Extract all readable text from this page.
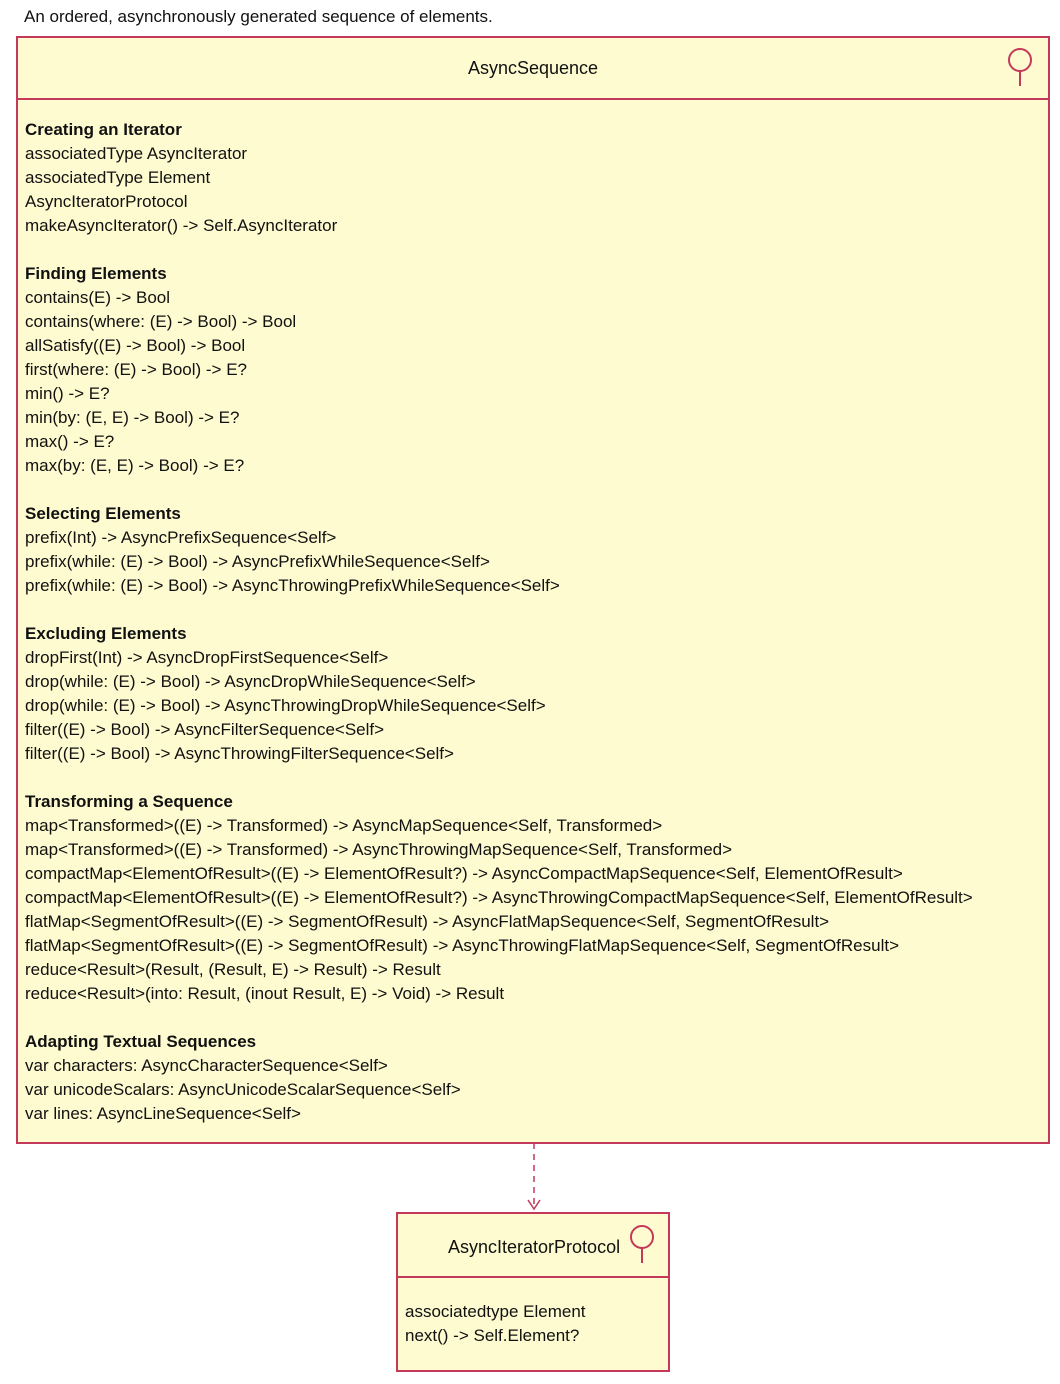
An ordered, asynchronously generated sequence of elements.
AsyncSequence
Creating an Iterator
associatedType AsyncIterator
associatedType Element
AsyncIteratorProtocol
makeAsyncIterator() -> Self.AsyncIterator
Finding Elements
contains(E) -> Bool
contains(where: (E) -> Bool) -> Bool
allSatisfy((E) -> Bool) -> Bool
first(where: (E) -> Bool) -> E?
min() -> E?
min(by: (E, E) -> Bool) -> E?
max() -> E?
max(by: (E, E) -> Bool) -> E?
Selecting Elements
prefix(Int) -> AsyncPrefixSequence<Self>
prefix(while: (E) -> Bool) -> AsyncPrefixWhileSequence<Self>
prefix(while: (E) -> Bool) -> AsyncThrowingPrefixWhileSequence<Self>
Excluding Elements
dropFirst(Int) -> AsyncDropFirstSequence<Self>
drop(while: (E) -> Bool) -> AsyncDropWhileSequence<Self>
drop(while: (E) -> Bool) -> AsyncThrowingDropWhileSequence<Self>
filter((E) -> Bool) -> AsyncFilterSequence<Self>
filter((E) -> Bool) -> AsyncThrowingFilterSequence<Self>
Transforming a Sequence
map<Transformed>((E) -> Transformed) -> AsyncMapSequence<Self, Transformed>
map<Transformed>((E) -> Transformed) -> AsyncThrowingMapSequence<Self, Transformed>
compactMap<ElementOfResult>((E) -> ElementOfResult?) -> AsyncCompactMapSequence<Self, ElementOfResult>
compactMap<ElementOfResult>((E) -> ElementOfResult?) -> AsyncThrowingCompactMapSequence<Self, ElementOfResult>
flatMap<SegmentOfResult>((E) -> SegmentOfResult) -> AsyncFlatMapSequence<Self, SegmentOfResult>
flatMap<SegmentOfResult>((E) -> SegmentOfResult) -> AsyncThrowingFlatMapSequence<Self, SegmentOfResult>
reduce<Result>(Result, (Result, E) -> Result) -> Result
reduce<Result>(into: Result, (inout Result, E) -> Void) -> Result
Adapting Textual Sequences
var characters: AsyncCharacterSequence<Self>
var unicodeScalars: AsyncUnicodeScalarSequence<Self>
var lines: AsyncLineSequence<Self>
AsyncIteratorProtocol
associatedtype Element
next() -> Self.Element?
